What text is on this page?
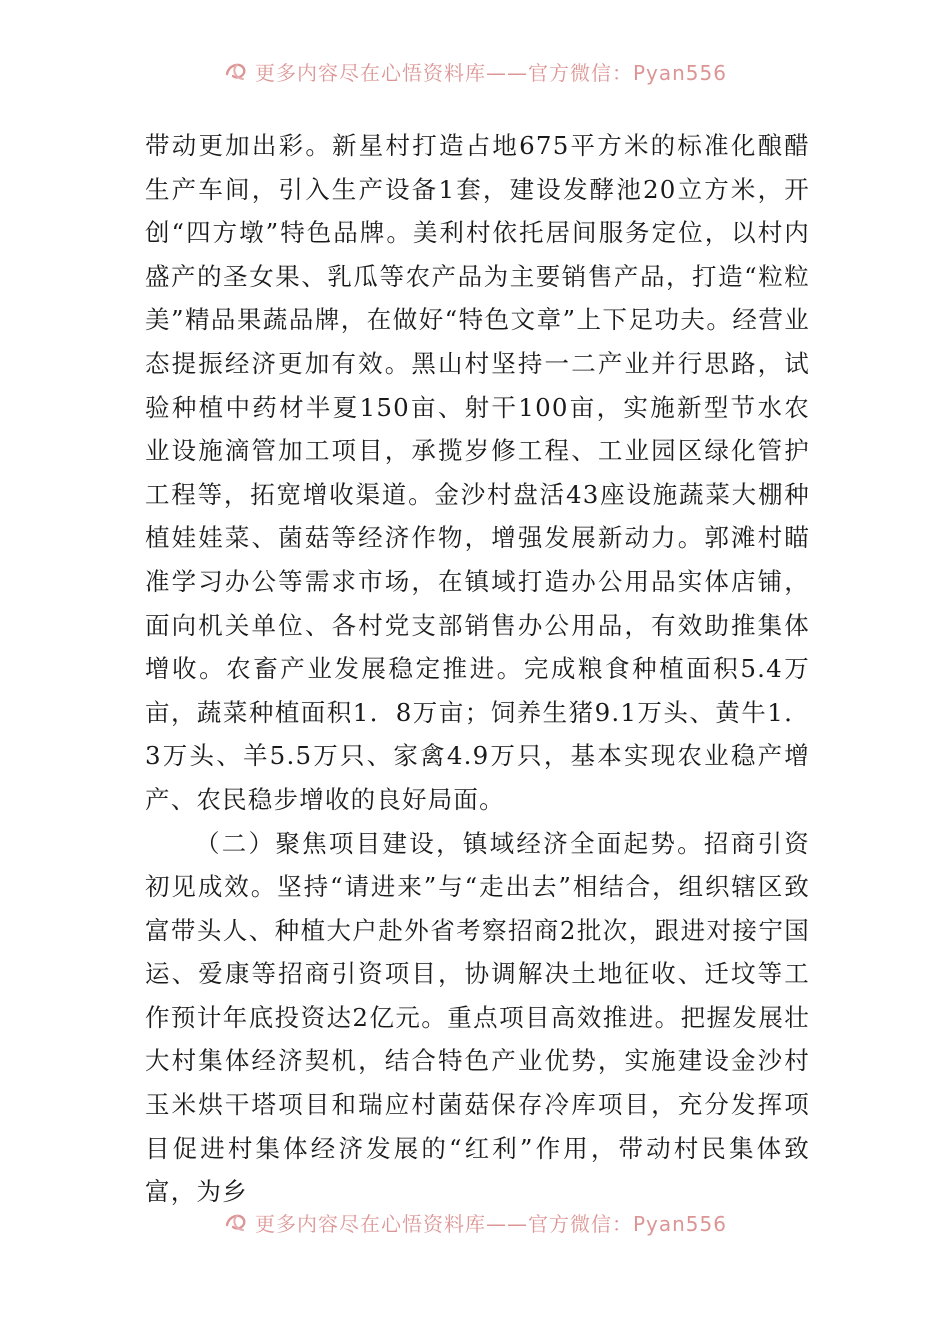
更多内容尽在心悟资料库——官方微信：Pyan556

带动更加出彩。新星村打造占地675平方米的标准化酿醋生产车间，引入生产设备1套，建设发酵池20立方米，开创“四方墩”特色品牌。美利村依托居间服务定位，以村内盛产的圣女果、乳瓜等农产品为主要销售产品，打造“粒粒美”精品果蔬品牌，在做好“特色文章”上下足功夫。经营业态提振经济更加有效。黑山村坚持一二产业并行思路，试验种植中药材半夏150亩、射干100亩，实施新型节水农业设施滴管加工项目，承揽岁修工程、工业园区绿化管护工程等，拓宽增收渠道。金沙村盘活43座设施蔬菜大棚种植娃娃菜、菌菇等经济作物，增强发展新动力。郭滩村瞄准学习办公等需求市场，在镇域打造办公用品实体店铺，面向机关单位、各村党支部销售办公用品，有效助推集体增收。农畜产业发展稳定推进。完成粮食种植面积5.4万亩，蔬菜种植面积1．8万亩；饲养生猪9.1万头、黄牛1．3万头、羊5.5万只、家禽4.9万只，基本实现农业稳产增产、农民稳步增收的良好局面。

（二）聚焦项目建设，镇域经济全面起势。招商引资初见成效。坚持“请进来”与“走出去”相结合，组织辖区致富带头人、种植大户赴外省考察招商2批次，跟进对接宁国运、爱康等招商引资项目，协调解决土地征收、迁坟等工作预计年底投资达2亿元。重点项目高效推进。把握发展壮大村集体经济契机，结合特色产业优势，实施建设金沙村玉米烘干塔项目和瑞应村菌菇保存冷库项目，充分发挥项目促进村集体经济发展的“红利”作用，带动村民集体致富，为乡

更多内容尽在心悟资料库——官方微信：Pyan556
